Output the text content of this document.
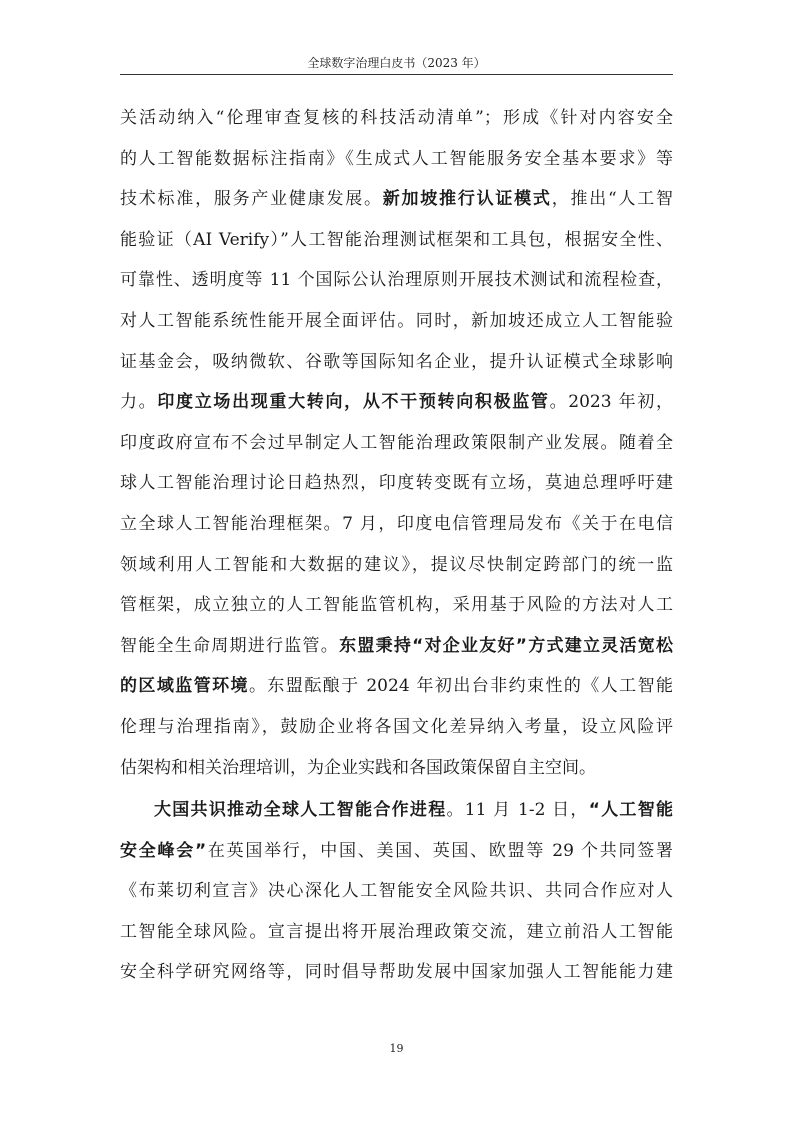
全球数字治理白皮书（2023 年）
关活动纳入“伦理审查复核的科技活动清单”；形成《针对内容安全
的人工智能数据标注指南》《生成式人工智能服务安全基本要求》等
技术标准，服务产业健康发展。新加坡推行认证模式，推出“人工智
能验证（AI Verify）”人工智能治理测试框架和工具包，根据安全性、
可靠性、透明度等 11 个国际公认治理原则开展技术测试和流程检查，
对人工智能系统性能开展全面评估。同时，新加坡还成立人工智能验
证基金会，吸纳微软、谷歌等国际知名企业，提升认证模式全球影响
力。印度立场出现重大转向，从不干预转向积极监管。2023 年初，
印度政府宣布不会过早制定人工智能治理政策限制产业发展。随着全
球人工智能治理讨论日趋热烈，印度转变既有立场，莫迪总理呼吁建
立全球人工智能治理框架。7 月，印度电信管理局发布《关于在电信
领域利用人工智能和大数据的建议》，提议尽快制定跨部门的统一监
管框架，成立独立的人工智能监管机构，采用基于风险的方法对人工
智能全生命周期进行监管。东盟秉持“对企业友好”方式建立灵活宽松
的区域监管环境。东盟酝酿于 2024 年初出台非约束性的《人工智能
伦理与治理指南》，鼓励企业将各国文化差异纳入考量，设立风险评
估架构和相关治理培训，为企业实践和各国政策保留自主空间。
大国共识推动全球人工智能合作进程。11 月 1-2 日，“人工智能
安全峰会”在英国举行，中国、美国、英国、欧盟等 29 个共同签署
《布莱切利宣言》决心深化人工智能安全风险共识、共同合作应对人
工智能全球风险。宣言提出将开展治理政策交流，建立前沿人工智能
安全科学研究网络等，同时倡导帮助发展中国家加强人工智能能力建
19
